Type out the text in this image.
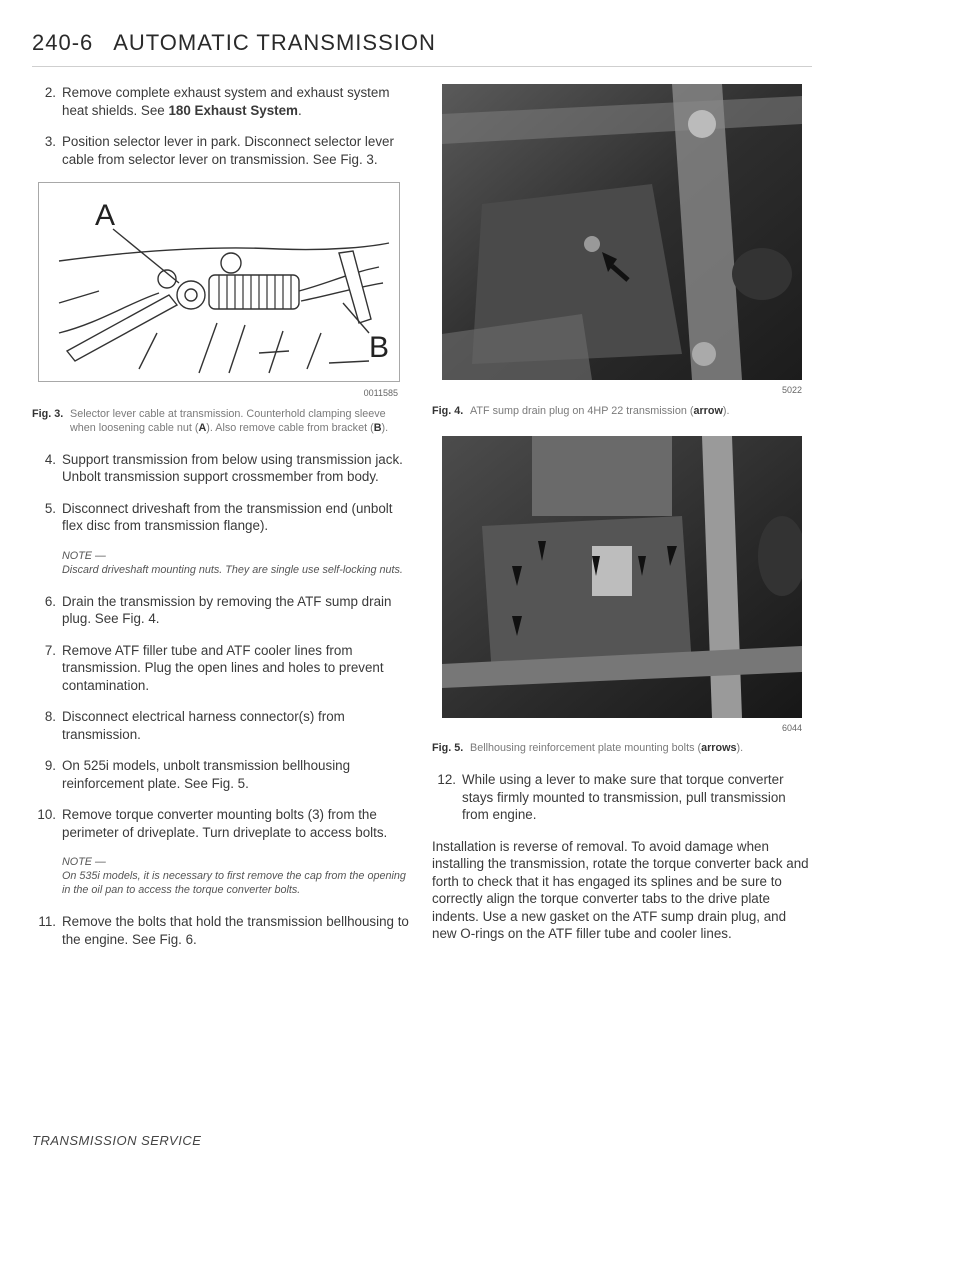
240-6 AUTOMATIC TRANSMISSION
2. Remove complete exhaust system and exhaust system heat shields. See 180 Exhaust System.
3. Position selector lever in park. Disconnect selector lever cable from selector lever on transmission. See Fig. 3.
A
B
0011585
Fig. 3. Selector lever cable at transmission. Counterhold clamping sleeve when loosening cable nut (A). Also remove cable from bracket (B).
4. Support transmission from below using transmission jack. Unbolt transmission support crossmember from body.
5. Disconnect driveshaft from the transmission end (unbolt flex disc from transmission flange).
NOTE —
Discard driveshaft mounting nuts. They are single use self-locking nuts.
6. Drain the transmission by removing the ATF sump drain plug. See Fig. 4.
7. Remove ATF filler tube and ATF cooler lines from transmission. Plug the open lines and holes to prevent contamination.
8. Disconnect electrical harness connector(s) from transmission.
9. On 525i models, unbolt transmission bellhousing reinforcement plate. See Fig. 5.
10. Remove torque converter mounting bolts (3) from the perimeter of driveplate. Turn driveplate to access bolts.
NOTE —
On 535i models, it is necessary to first remove the cap from the opening in the oil pan to access the torque converter bolts.
11. Remove the bolts that hold the transmission bellhousing to the engine. See Fig. 6.
5022
Fig. 4. ATF sump drain plug on 4HP 22 transmission (arrow).
6044
Fig. 5. Bellhousing reinforcement plate mounting bolts (arrows).
12. While using a lever to make sure that torque converter stays firmly mounted to transmission, pull transmission from engine.
Installation is reverse of removal. To avoid damage when installing the transmission, rotate the torque converter back and forth to check that it has engaged its splines and be sure to correctly align the torque converter tabs to the drive plate indents. Use a new gasket on the ATF sump drain plug, and new O-rings on the ATF filler tube and cooler lines.
TRANSMISSION SERVICE
